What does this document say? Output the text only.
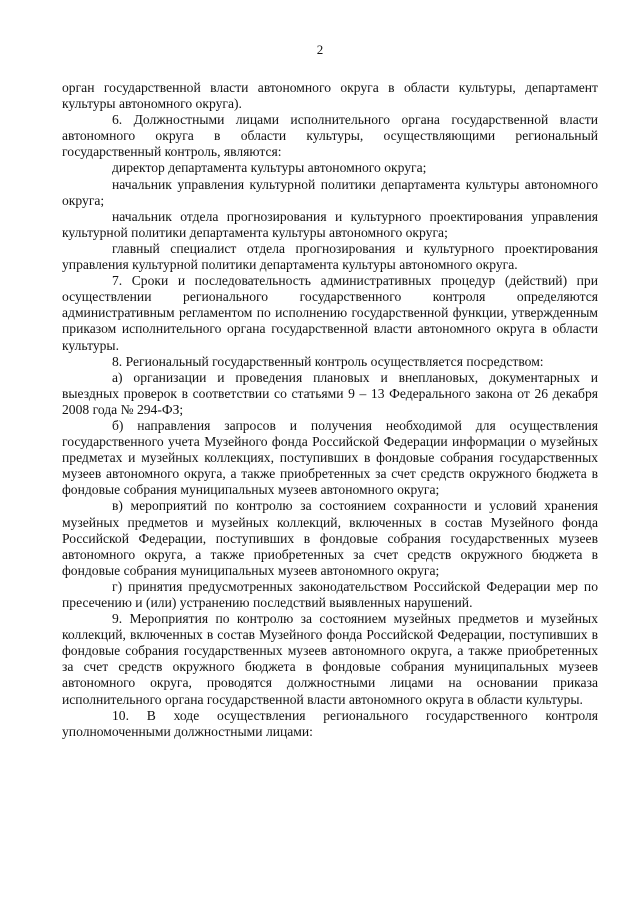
2

орган государственной власти автономного округа в области культуры, департамент культуры автономного округа).

6. Должностными лицами исполнительного органа государственной власти автономного округа в области культуры, осуществляющими региональный государственный контроль, являются:

директор департамента культуры автономного округа;

начальник управления культурной политики департамента культуры автономного округа;

начальник отдела прогнозирования и культурного проектирования управления культурной политики департамента культуры автономного округа;

главный специалист отдела прогнозирования и культурного проектирования управления культурной политики департамента культуры автономного округа.

7. Сроки и последовательность административных процедур (действий) при осуществлении регионального государственного контроля определяются административным регламентом по исполнению государственной функции, утвержденным приказом исполнительного органа государственной власти автономного округа в области культуры.

8. Региональный государственный контроль осуществляется посредством:

а) организации и проведения плановых и внеплановых, документарных и выездных проверок в соответствии со статьями 9 – 13 Федерального закона от 26 декабря 2008 года № 294-ФЗ;

б) направления запросов и получения необходимой для осуществления государственного учета Музейного фонда Российской Федерации информации о музейных предметах и музейных коллекциях, поступивших в фондовые собрания государственных музеев автономного округа, а также приобретенных за счет средств окружного бюджета в фондовые собрания муниципальных музеев автономного округа;

в) мероприятий по контролю за состоянием сохранности и условий хранения музейных предметов и музейных коллекций, включенных в состав Музейного фонда Российской Федерации, поступивших в фондовые собрания государственных музеев автономного округа, а также приобретенных за счет средств окружного бюджета в фондовые собрания муниципальных музеев автономного округа;

г) принятия предусмотренных законодательством Российской Федерации мер по пресечению и (или) устранению последствий выявленных нарушений.

9. Мероприятия по контролю за состоянием музейных предметов и музейных коллекций, включенных в состав Музейного фонда Российской Федерации, поступивших в фондовые собрания государственных музеев автономного округа, а также приобретенных за счет средств окружного бюджета в фондовые собрания муниципальных музеев автономного округа, проводятся должностными лицами на основании приказа исполнительного органа государственной власти автономного округа в области культуры.

10. В ходе осуществления регионального государственного контроля уполномоченными должностными лицами:
